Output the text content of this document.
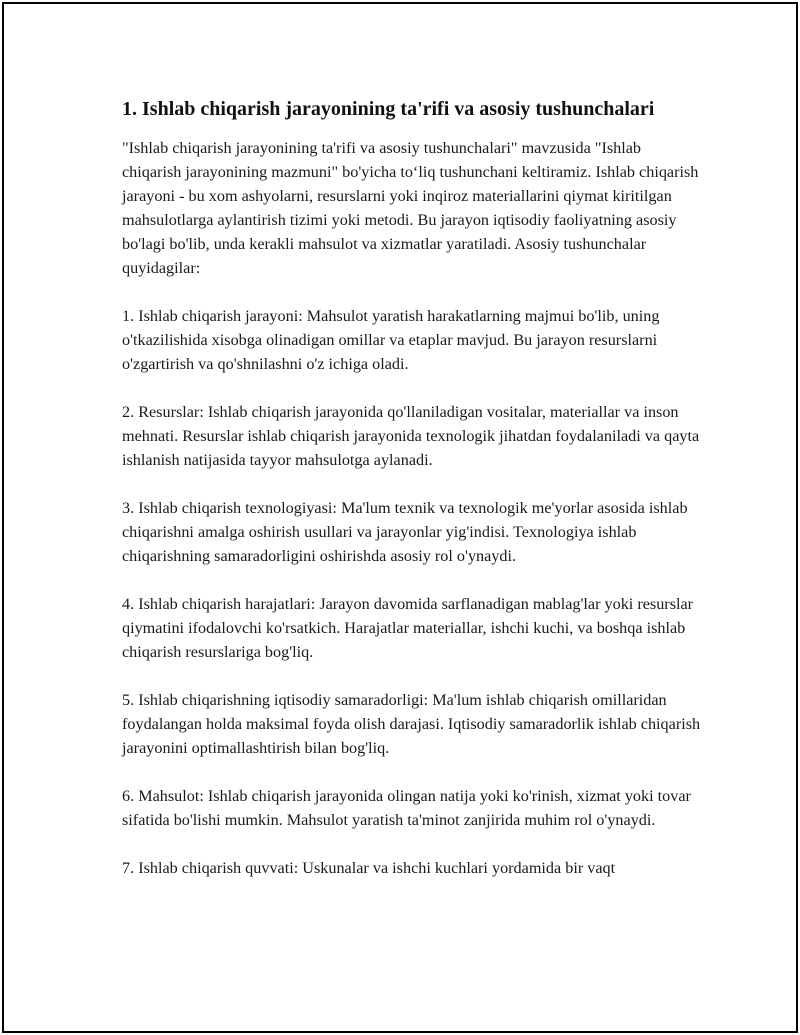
1. Ishlab chiqarish jarayonining ta'rifi va asosiy tushunchalari

"Ishlab chiqarish jarayonining ta'rifi va asosiy tushunchalari" mavzusida "Ishlab chiqarish jarayonining mazmuni" bo'yicha to‘liq tushunchani keltiramiz. Ishlab chiqarish jarayoni - bu xom ashyolarni, resurslarni yoki inqiroz materiallarini qiymat kiritilgan mahsulotlarga aylantirish tizimi yoki metodi. Bu jarayon iqtisodiy faoliyatning asosiy bo'lagi bo'lib, unda kerakli mahsulot va xizmatlar yaratiladi. Asosiy tushunchalar quyidagilar:

1. Ishlab chiqarish jarayoni: Mahsulot yaratish harakatlarning majmui bo'lib, uning o'tkazilishida xisobga olinadigan omillar va etaplar mavjud. Bu jarayon resurslarni o'zgartirish va qo'shnilashni o'z ichiga oladi.

2. Resurslar: Ishlab chiqarish jarayonida qo'llaniladigan vositalar, materiallar va inson mehnati. Resurslar ishlab chiqarish jarayonida texnologik jihatdan foydalaniladi va qayta ishlanish natijasida tayyor mahsulotga aylanadi.

3. Ishlab chiqarish texnologiyasi: Ma'lum texnik va texnologik me'yorlar asosida ishlab chiqarishni amalga oshirish usullari va jarayonlar yig'indisi. Texnologiya ishlab chiqarishning samaradorligini oshirishda asosiy rol o'ynaydi.

4. Ishlab chiqarish harajatlari: Jarayon davomida sarflanadigan mablag'lar yoki resurslar qiymatini ifodalovchi ko'rsatkich. Harajatlar materiallar, ishchi kuchi, va boshqa ishlab chiqarish resurslariga bog'liq.

5. Ishlab chiqarishning iqtisodiy samaradorligi: Ma'lum ishlab chiqarish omillaridan foydalangan holda maksimal foyda olish darajasi. Iqtisodiy samaradorlik ishlab chiqarish jarayonini optimallashtirish bilan bog'liq.

6. Mahsulot: Ishlab chiqarish jarayonida olingan natija yoki ko'rinish, xizmat yoki tovar sifatida bo'lishi mumkin. Mahsulot yaratish ta'minot zanjirida muhim rol o'ynaydi.

7. Ishlab chiqarish quvvati: Uskunalar va ishchi kuchlari yordamida bir vaqt
